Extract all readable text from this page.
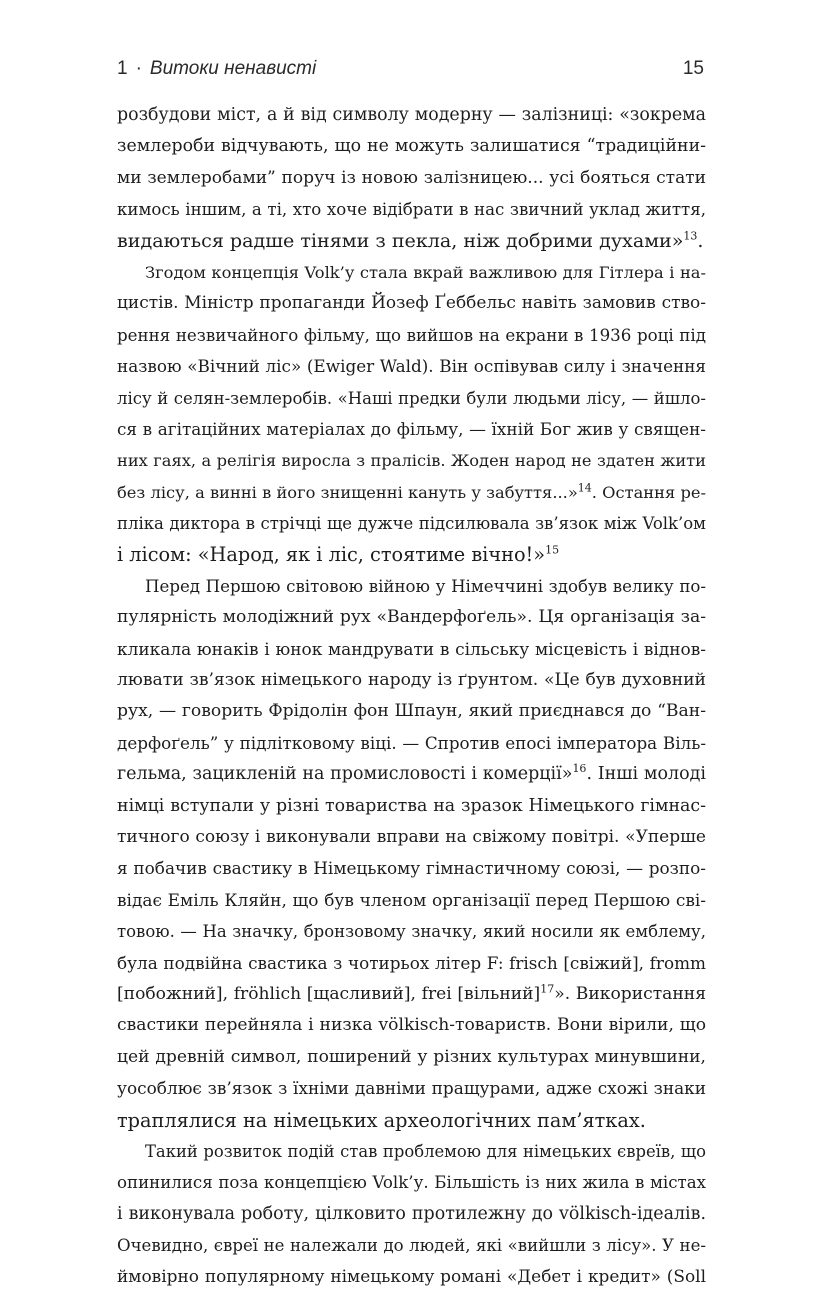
1 · Витоки ненависті	15
розбудови міст, а й від символу модерну — залізниці: «зокрема
землероби відчувають, що не можуть залишатися “традиційни-
ми землеробами” поруч із новою залізницею... усі бояться стати
кимось іншим, а ті, хто хоче відібрати в нас звичний уклад життя,
видаються радше тінями з пекла, ніж добрими духами»$^{13}$.
Згодом концепція Volk’у стала вкрай важливою для Гітлера і на-
цистів. Міністр пропаганди Йозеф Ґеббельс навіть замовив ство-
рення незвичайного фільму, що вийшов на екрани в 1936 році під
назвою «Вічний ліс» (Ewiger Wald). Він оспівував силу і значення
лісу й селян-землеробів. «Наші предки були людьми лісу, — йшло-
ся в агітаційних матеріалах до фільму, — їхній Бог жив у священ-
них гаях, а релігія виросла з пралісів. Жоден народ не здатен жити
без лісу, а винні в його знищенні кануть у забуття...»$^{14}$. Остання ре-
пліка диктора в стрічці ще дужче підсилювала зв’язок між Volk’ом
і лісом: «Народ, як і ліс, стоятиме вічно!»$^{15}$
Перед Першою світовою війною у Німеччині здобув велику по-
пулярність молодіжний рух «Вандерфоґель». Ця організація за-
кликала юнаків і юнок мандрувати в сільську місцевість і віднов-
лювати зв’язок німецького народу із ґрунтом. «Це був духовний
рух, — говорить Фрідолін фон Шпаун, який приєднався до “Ван-
дерфоґель” у підлітковому віці. — Спротив епосі імператора Віль-
гельма, зацикленій на промисловості і комерції»$^{16}$. Інші молоді
німці вступали у різні товариства на зразок Німецького гімнас-
тичного союзу і виконували вправи на свіжому повітрі. «Уперше
я побачив свастику в Німецькому гімнастичному союзі, — розпо-
відає Еміль Кляйн, що був членом організації перед Першою сві-
товою. — На значку, бронзовому значку, який носили як емблему,
була подвійна свастика з чотирьох літер F: frisch [свіжий], fromm
[побожний], fröhlich [щасливий], frei [вільний]$^{17}$». Використання
свастики перейняла і низка völkisch-товариств. Вони вірили, що
цей древній символ, поширений у різних культурах минувшини,
уособлює зв’язок з їхніми давніми пращурами, адже схожі знаки
траплялися на німецьких археологічних пам’ятках.
Такий розвиток подій став проблемою для німецьких євреїв, що
опинилися поза концепцією Volk’у. Більшість із них жила в містах
і виконувала роботу, цілковито протилежну до völkisch-ідеалів.
Очевидно, євреї не належали до людей, які «вийшли з лісу». У не-
ймовірно популярному німецькому романі «Дебет і кредит» (Soll
